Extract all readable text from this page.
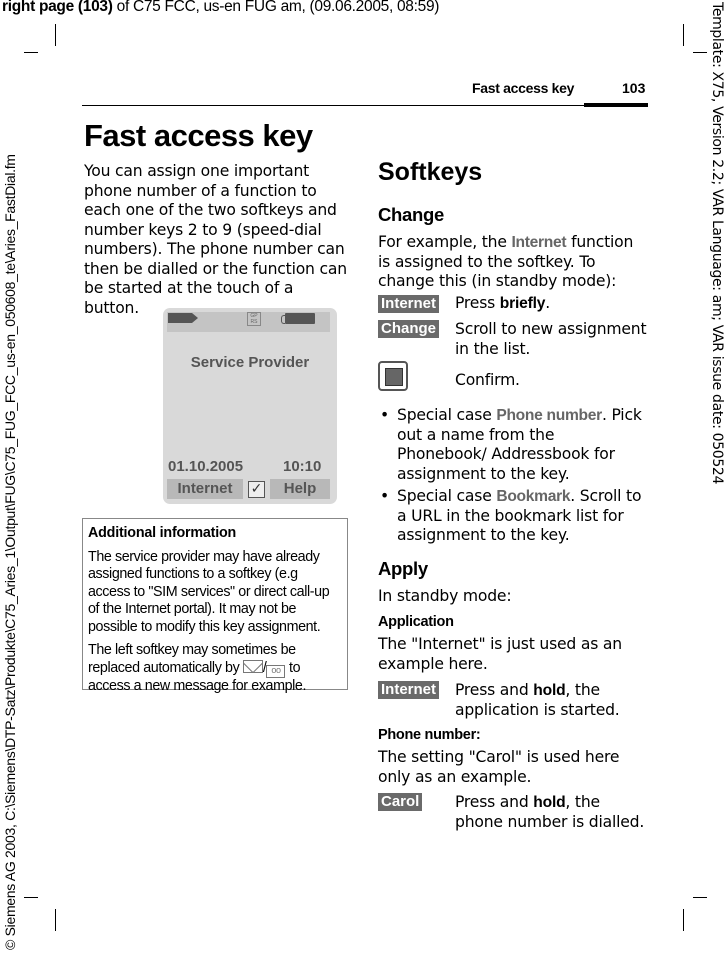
right page (103) of C75 FCC, us-en FUG am, (09.06.2005, 08:59)	Template: X75, Version 2.2; VAR Language: am; VAR issue date: 050524
© Siemens AG 2003, C:\Siemens\DTP-Satz\Produkte\C75_Aries_1\Output\FUG\C75_FUG_FCC_us-en_050608_te\Aries_FastDial.fm
Fast access key	103
Fast access key
You can assign one important phone number of a function to each one of the two softkeys and number keys 2 to 9 (speed-dial numbers). The phone number can then be dialled or the function can be started at the touch of a button.	GP RS
Service Provider
01.10.2005	10:10
Internet	✓	Help
Additional information

The service provider may have already assigned functions to a softkey (e.g access to "SIM services" or direct call-up of the Internet portal). It may not be possible to modify this key assignment.

The left softkey may sometimes be replaced automatically by / oo to access a new message for example.

Softkeys
Change
For example, the Internet function is assigned to the softkey. To change this (in standby mode):
Internet Press briefly.
Change Scroll to new assignment in the list.
Confirm.
• Special case Phone number. Pick out a name from the Phonebook/ Addressbook for assignment to the key.
• Special case Bookmark. Scroll to a URL in the bookmark list for assignment to the key.
Apply
In standby mode:
Application
The "Internet" is just used as an example here.
Internet Press and hold, the application is started.
Phone number:
The setting "Carol" is used here only as an example.
Carol Press and hold, the phone number is dialled.
